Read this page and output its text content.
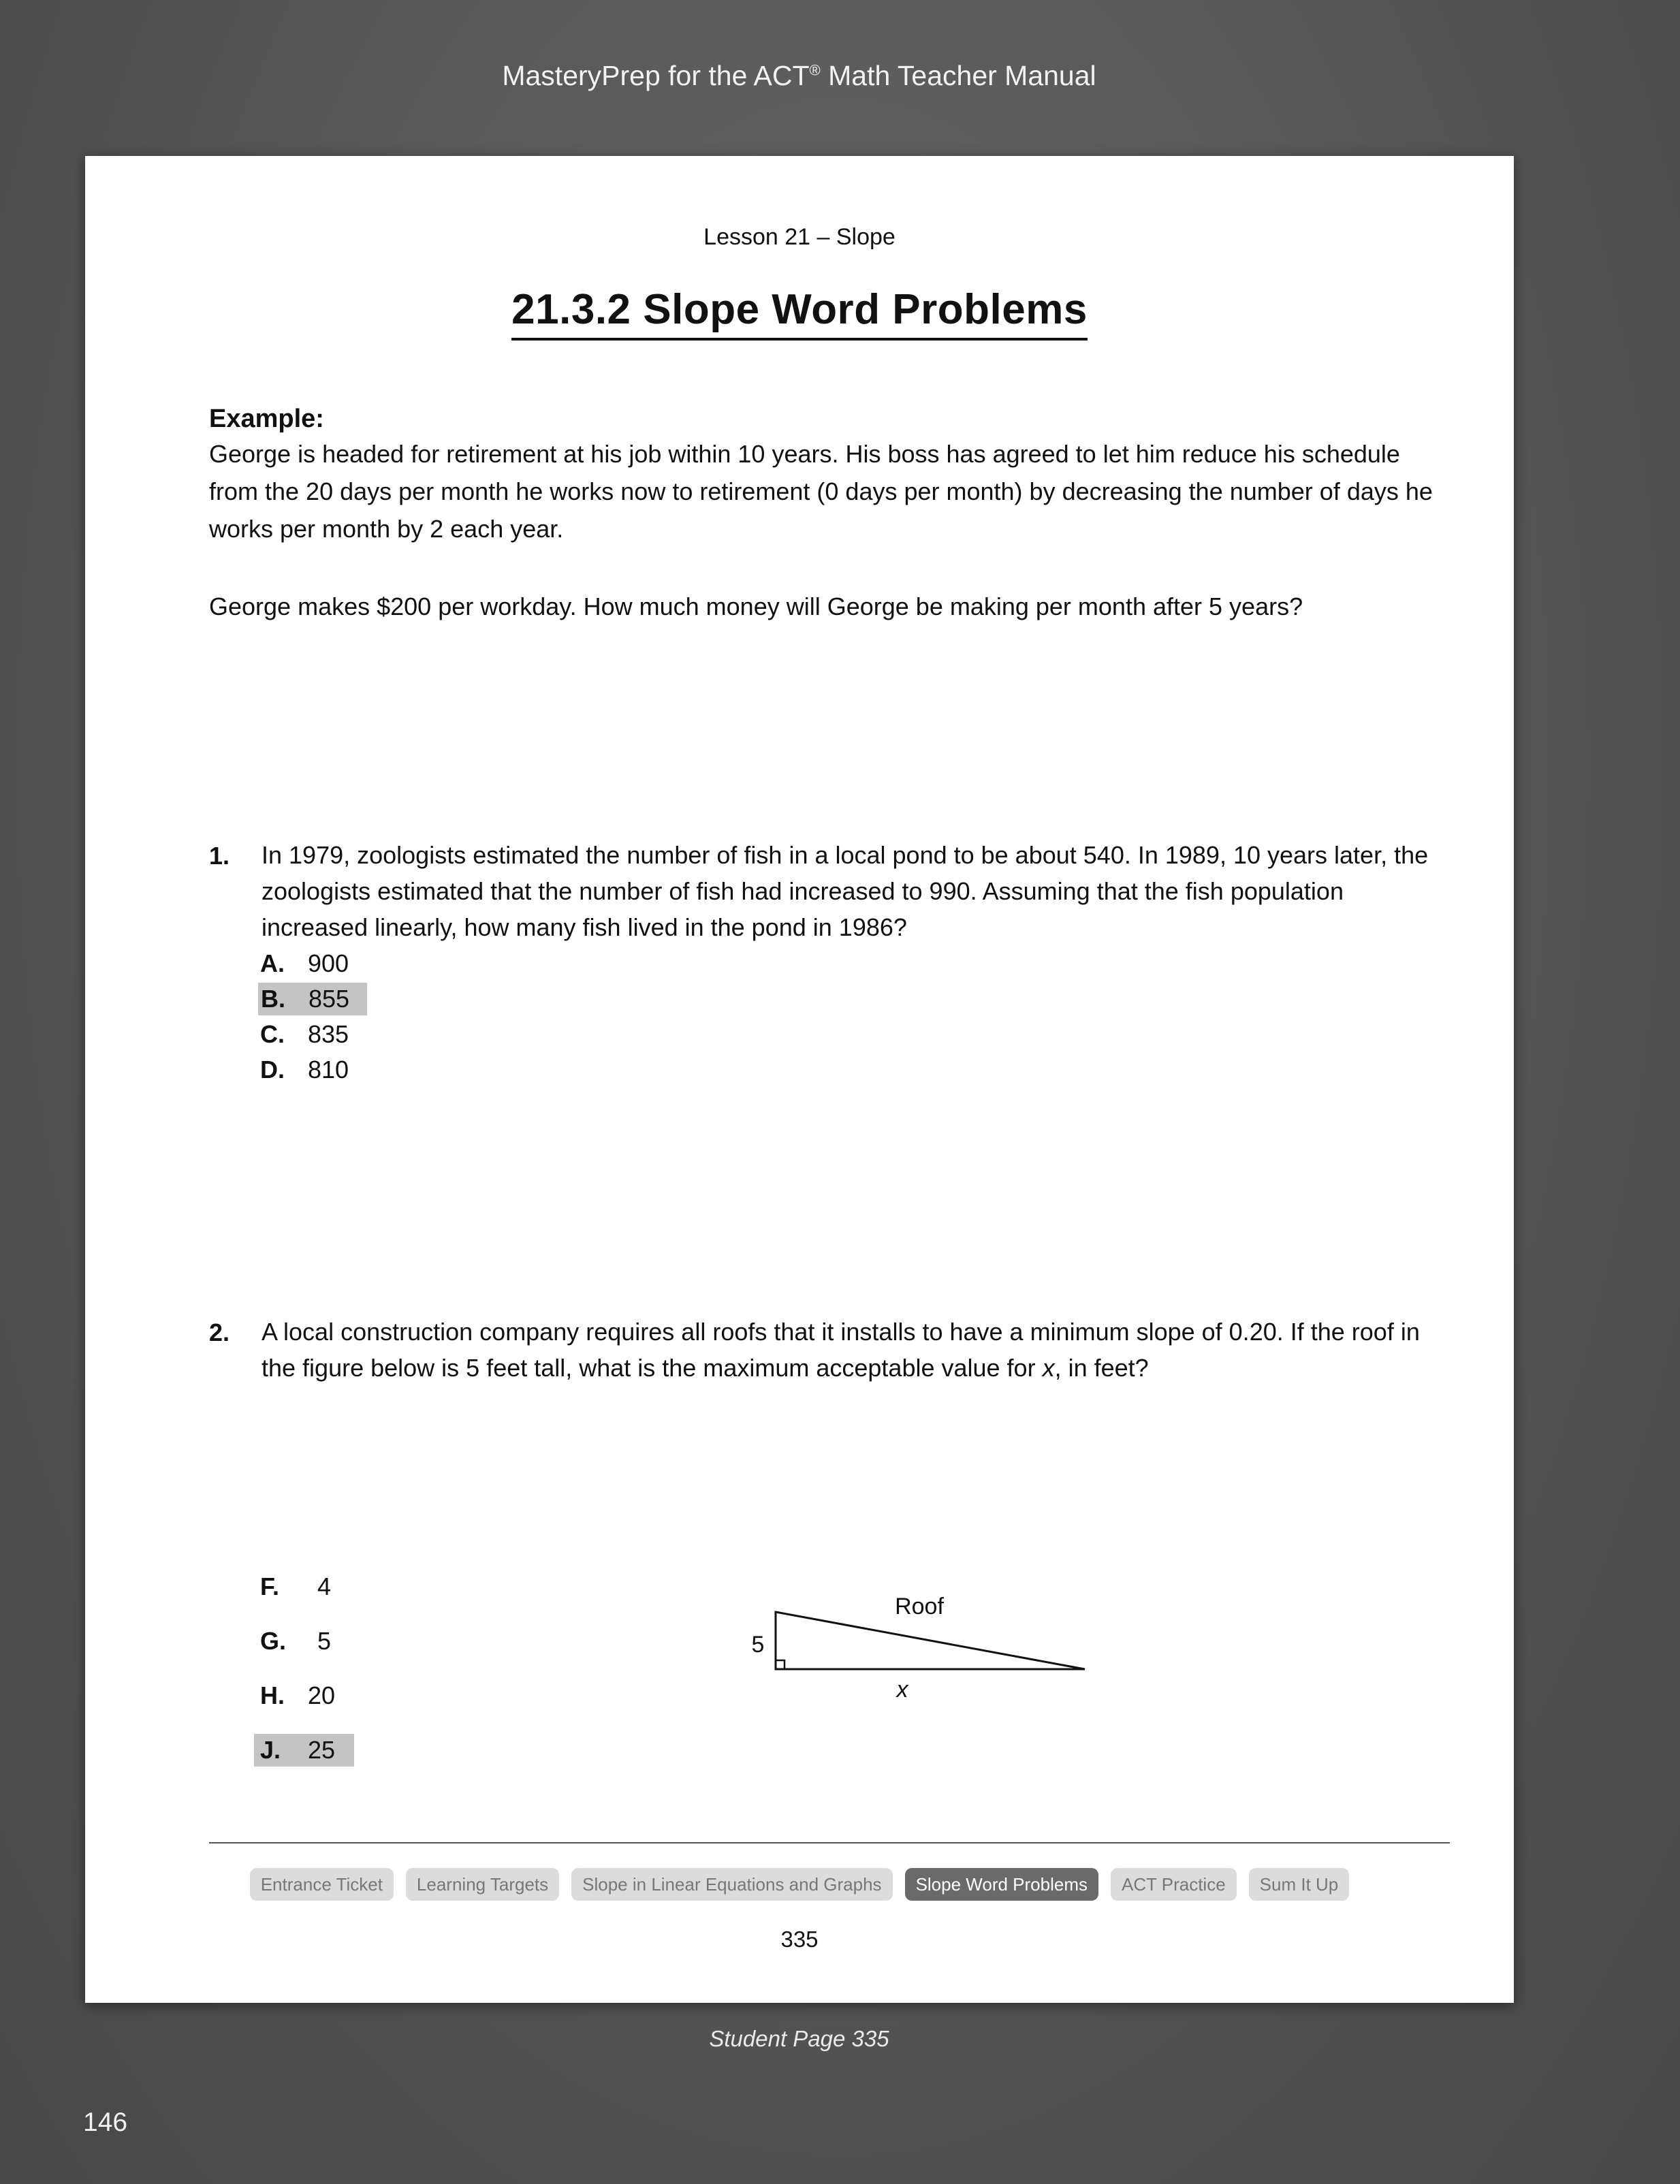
MasteryPrep for the ACT® Math Teacher Manual
Lesson 21 – Slope
21.3.2 Slope Word Problems
Example:
George is headed for retirement at his job within 10 years. His boss has agreed to let him reduce his schedule from the 20 days per month he works now to retirement (0 days per month) by decreasing the number of days he works per month by 2 each year.
George makes $200 per workday. How much money will George be making per month after 5 years?
1. In 1979, zoologists estimated the number of fish in a local pond to be about 540. In 1989, 10 years later, the zoologists estimated that the number of fish had increased to 990. Assuming that the fish population increased linearly, how many fish lived in the pond in 1986?
A. 900
B. 855
C. 835
D. 810
2. A local construction company requires all roofs that it installs to have a minimum slope of 0.20. If the roof in the figure below is 5 feet tall, what is the maximum acceptable value for x, in feet?
5
Roof
x
F. 4
G. 5
H. 20
J. 25
Entrance Ticket Learning Targets Slope in Linear Equations and Graphs Slope Word Problems ACT Practice Sum It Up
335
Student Page 335
146
